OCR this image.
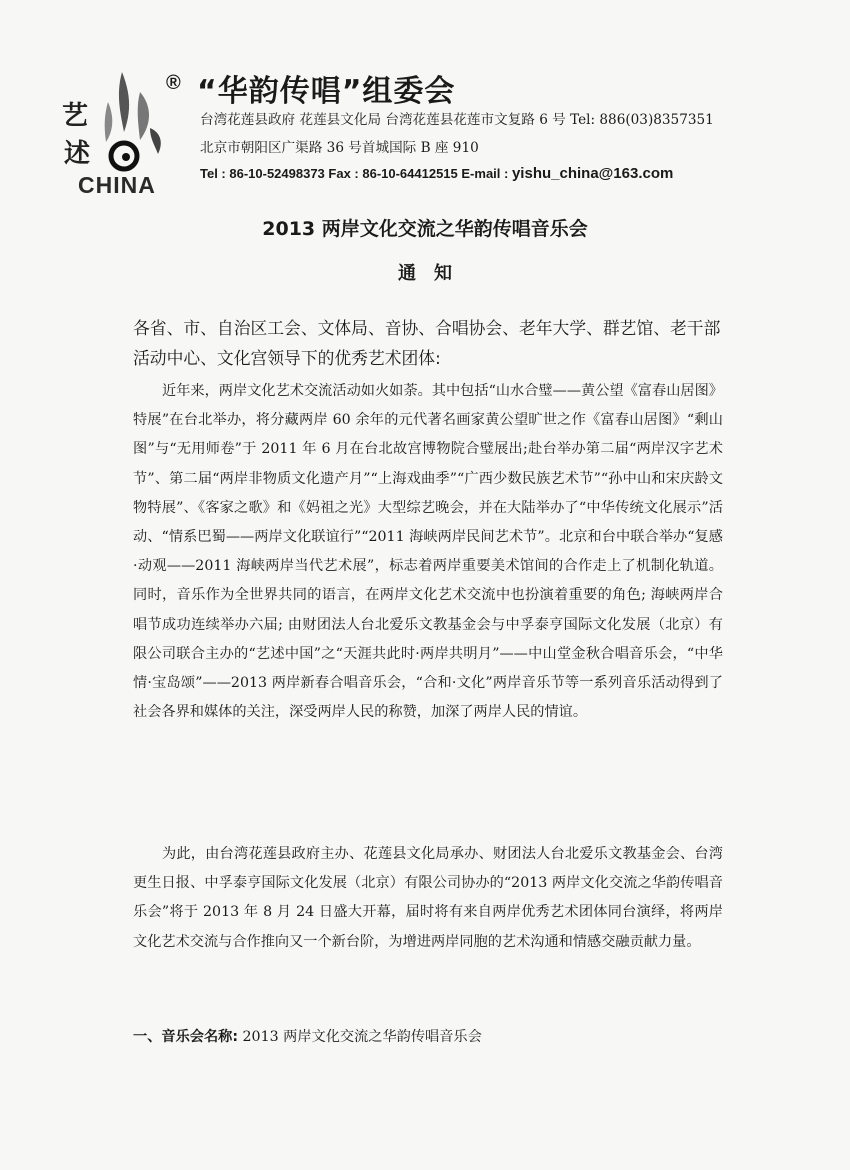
艺
述
CHINA
® “华韵传唱”组委会
台湾花莲县政府 花莲县文化局 台湾花莲县花莲市文复路 6 号 Tel: 886(03)8357351
北京市朝阳区广渠路 36 号首城国际 B 座 910
Tel : 86-10-52498373 Fax : 86-10-64412515 E-mail : yishu_china@163.com
2013 两岸文化交流之华韵传唱音乐会
通知
各省、市、自治区工会、文体局、音协、合唱协会、老年大学、群艺馆、老干部活动中心、文化宫领导下的优秀艺术团体:
近年来，两岸文化艺术交流活动如火如荼。其中包括“山水合璧——黄公望《富春山居图》特展”在台北举办，将分藏两岸 60 余年的元代著名画家黄公望旷世之作《富春山居图》“剩山图”与“无用师卷”于 2011 年 6 月在台北故宫博物院合璧展出;赴台举办第二届“两岸汉字艺术节”、第二届“两岸非物质文化遗产月”“上海戏曲季”“广西少数民族艺术节”“孙中山和宋庆龄文物特展”、《客家之歌》和《妈祖之光》大型综艺晚会，并在大陆举办了“中华传统文化展示”活动、“情系巴蜀——两岸文化联谊行”“2011 海峡两岸民间艺术节”。北京和台中联合举办“复感·动观——2011 海峡两岸当代艺术展”，标志着两岸重要美术馆间的合作走上了机制化轨道。同时，音乐作为全世界共同的语言，在两岸文化艺术交流中也扮演着重要的角色; 海峡两岸合唱节成功连续举办六届; 由财团法人台北爱乐文教基金会与中孚泰亨国际文化发展（北京）有限公司联合主办的“艺述中国”之“天涯共此时·两岸共明月”——中山堂金秋合唱音乐会，“中华情·宝岛颂”——2013 两岸新春合唱音乐会，“合和·文化”两岸音乐节等一系列音乐活动得到了社会各界和媒体的关注，深受两岸人民的称赞，加深了两岸人民的情谊。
为此，由台湾花莲县政府主办、花莲县文化局承办、财团法人台北爱乐文教基金会、台湾更生日报、中孚泰亨国际文化发展（北京）有限公司协办的“2013 两岸文化交流之华韵传唱音乐会”将于 2013 年 8 月 24 日盛大开幕，届时将有来自两岸优秀艺术团体同台演绎，将两岸文化艺术交流与合作推向又一个新台阶，为增进两岸同胞的艺术沟通和情感交融贡献力量。
一、音乐会名称: 2013 两岸文化交流之华韵传唱音乐会
